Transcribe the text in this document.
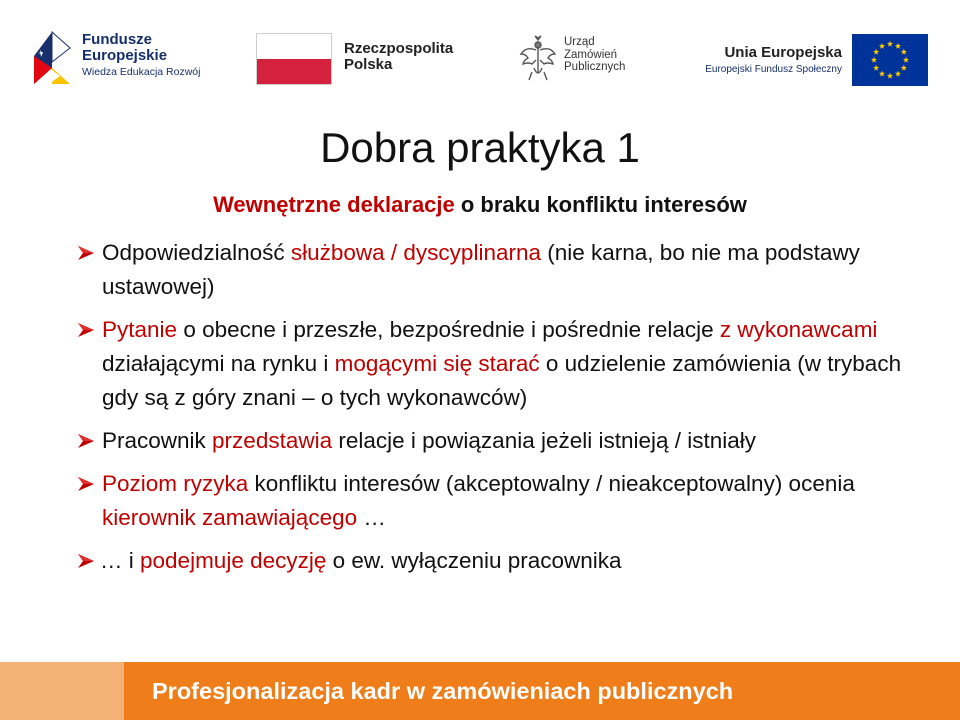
Fundusze
Europejskie
Wiedza Edukacja Rozwój
Rzeczpospolita
Polska
Urząd
Zamówień
Publicznych
Unia Europejska
Europejski Fundusz Społeczny
Dobra praktyka 1

Wewnętrzne deklaracje o braku konfliktu interesów

Odpowiedzialność służbowa / dyscyplinarna (nie karna, bo nie ma podstawy ustawowej)
Pytanie o obecne i przeszłe, bezpośrednie i pośrednie relacje z wykonawcami działającymi na rynku i mogącymi się starać o udzielenie zamówienia (w trybach gdy są z góry znani – o tych wykonawców)
Pracownik przedstawia relacje i powiązania jeżeli istnieją / istniały
Poziom ryzyka konfliktu interesów (akceptowalny / nieakceptowalny) ocenia kierownik zamawiającego …
… i podejmuje decyzję o ew. wyłączeniu pracownika
Profesjonalizacja kadr w zamówieniach publicznych
